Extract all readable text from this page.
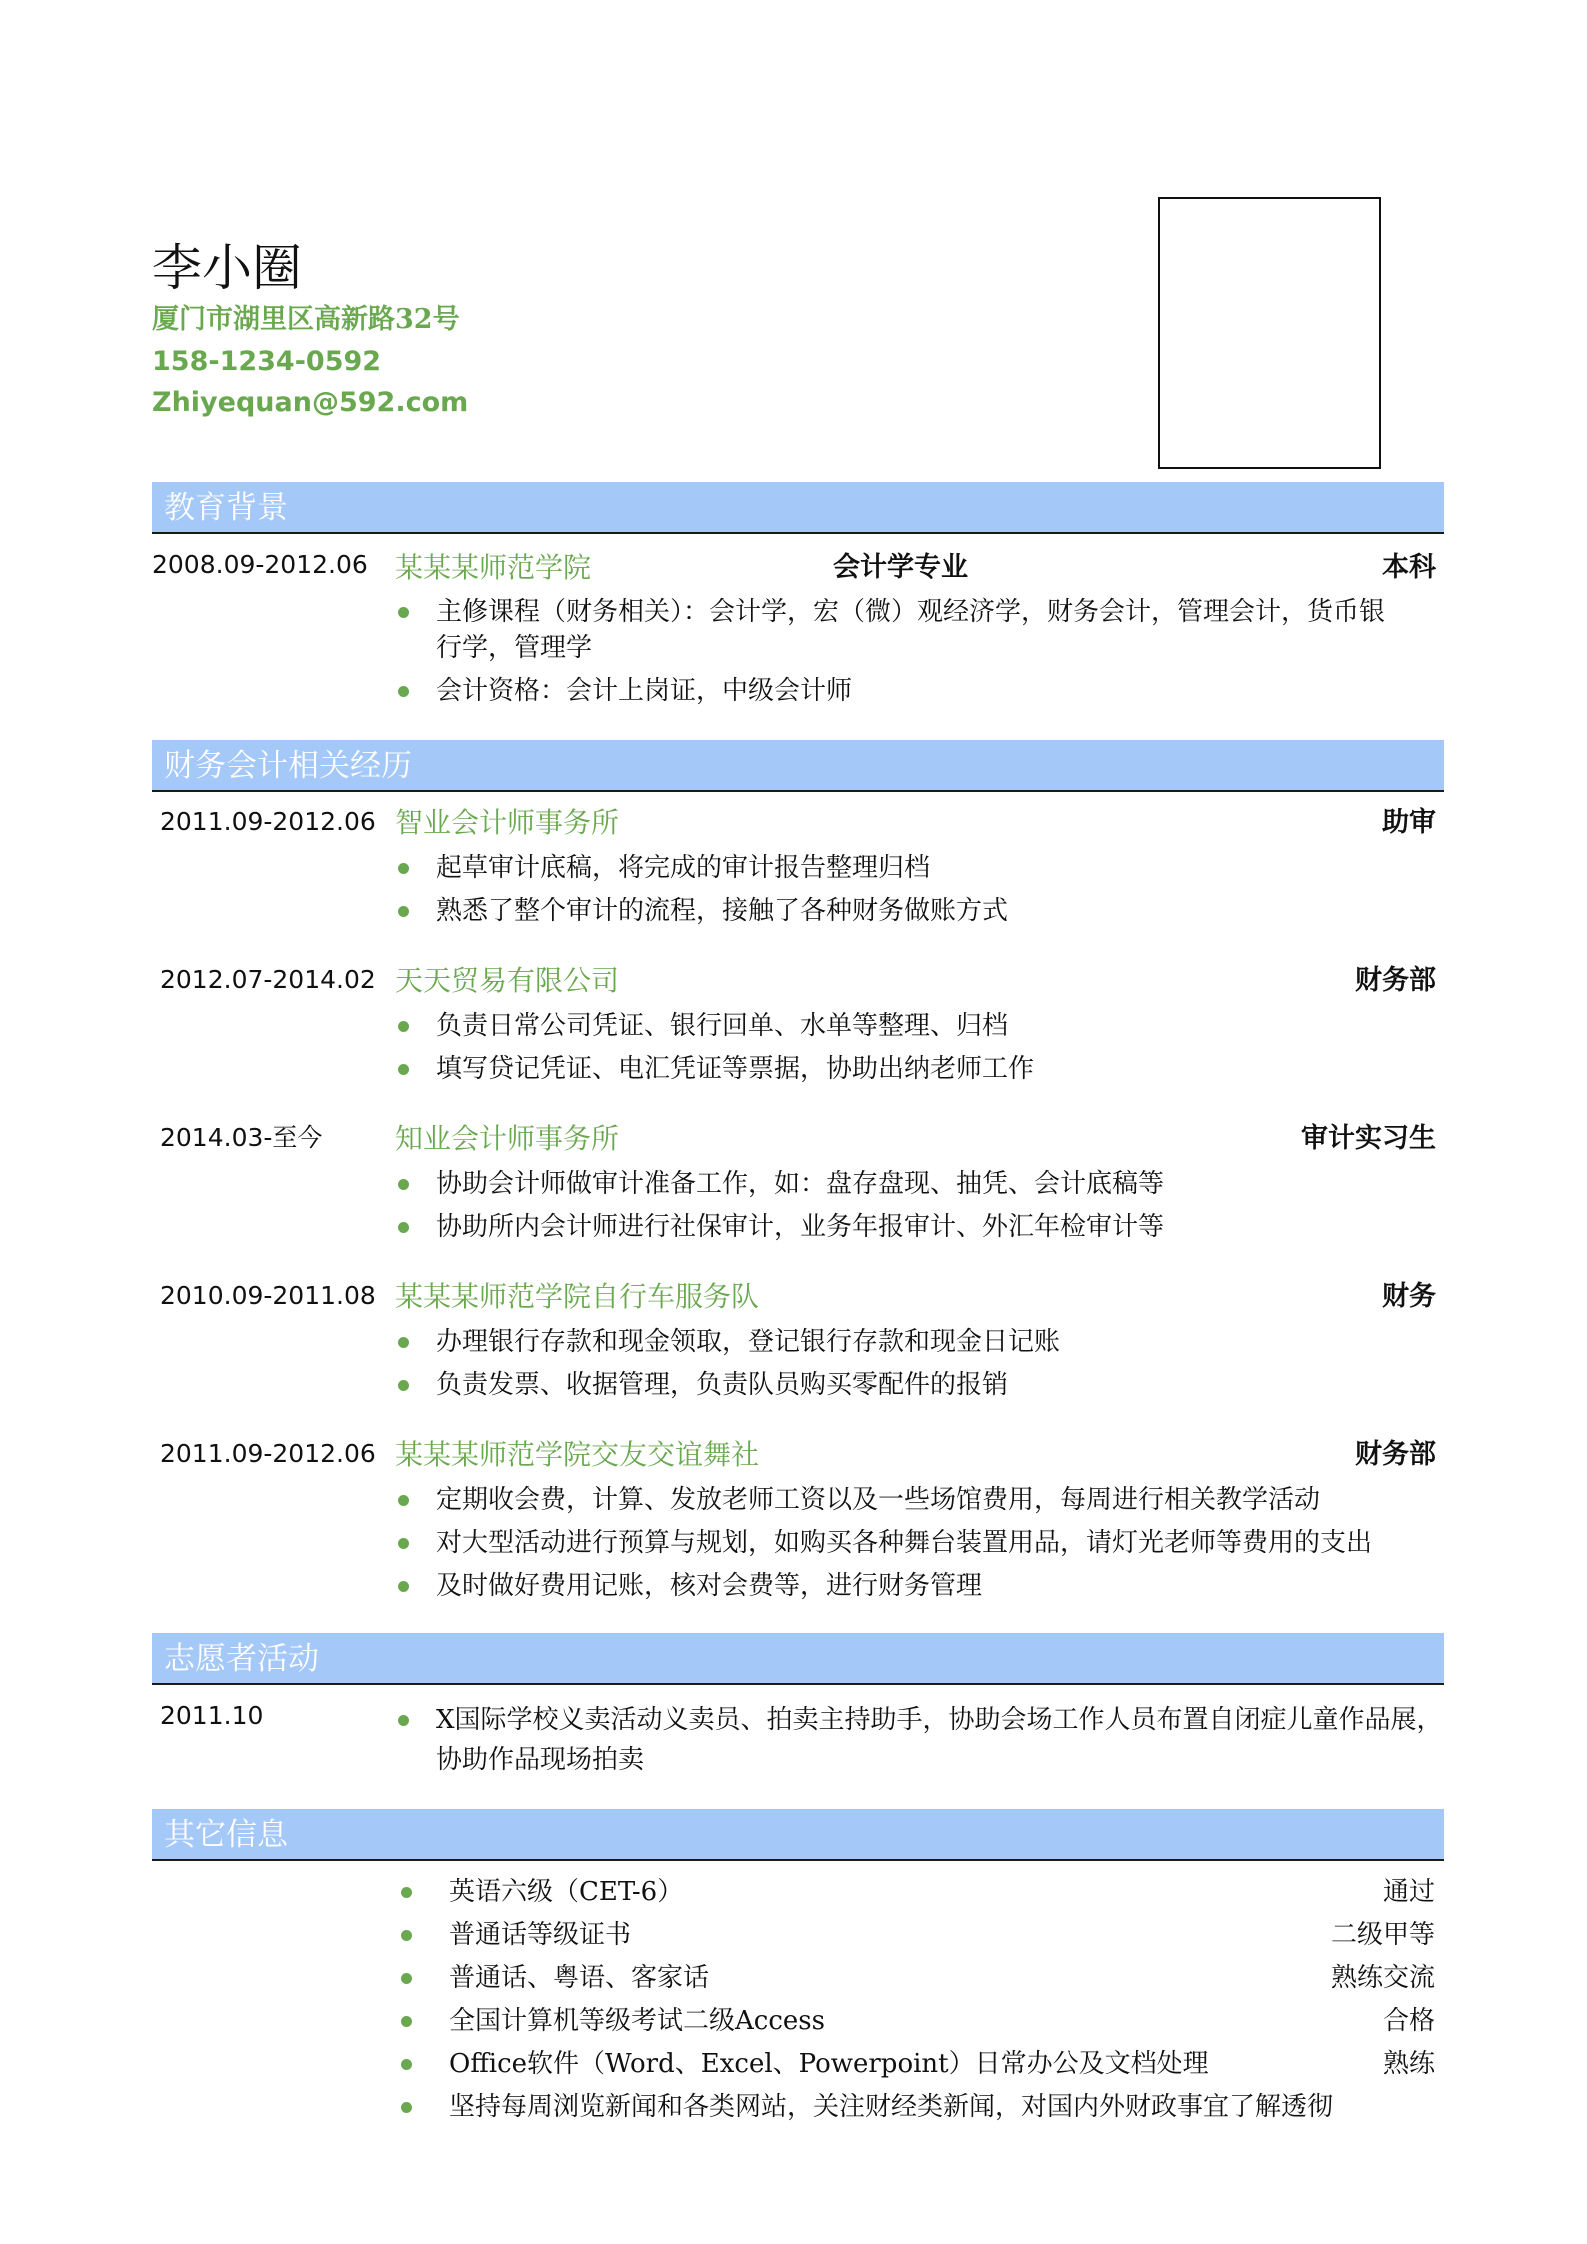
李小圈

厦门市湖里区高新路32号

158-1234-0592

Zhiyequan@592.com

教育背景
2008.09-2012.06 某某某师范学院	会计学专业	本科
主修课程（财务相关）：会计学，宏（微）观经济学，财务会计，管理会计，货币银
行学，管理学
会计资格：会计上岗证，中级会计师
财务会计相关经历
2011.09-2012.06 智业会计师事务所	助审
起草审计底稿，将完成的审计报告整理归档
熟悉了整个审计的流程，接触了各种财务做账方式
2012.07-2014.02 天天贸易有限公司	财务部
负责日常公司凭证、银行回单、水单等整理、归档
填写贷记凭证、电汇凭证等票据，协助出纳老师工作
2014.03-至今	知业会计师事务所	审计实习生
协助会计师做审计准备工作，如：盘存盘现、抽凭、会计底稿等
协助所内会计师进行社保审计，业务年报审计、外汇年检审计等
2010.09-2011.08 某某某师范学院自行车服务队	财务
办理银行存款和现金领取，登记银行存款和现金日记账
负责发票、收据管理，负责队员购买零配件的报销
2011.09-2012.06 某某某师范学院交友交谊舞社	财务部
定期收会费，计算、发放老师工资以及一些场馆费用，每周进行相关教学活动
对大型活动进行预算与规划，如购买各种舞台装置用品，请灯光老师等费用的支出
及时做好费用记账，核对会费等，进行财务管理
志愿者活动
2011.10	X国际学校义卖活动义卖员、拍卖主持助手，协助会场工作人员布置自闭症儿童作品展，
协助作品现场拍卖
其它信息
英语六级（CET-6）	通过
普通话等级证书	二级甲等
普通话、粤语、客家话	熟练交流
全国计算机等级考试二级Access	合格
Office软件（Word、Excel、Powerpoint）日常办公及文档处理	熟练
坚持每周浏览新闻和各类网站，关注财经类新闻，对国内外财政事宜了解透彻
